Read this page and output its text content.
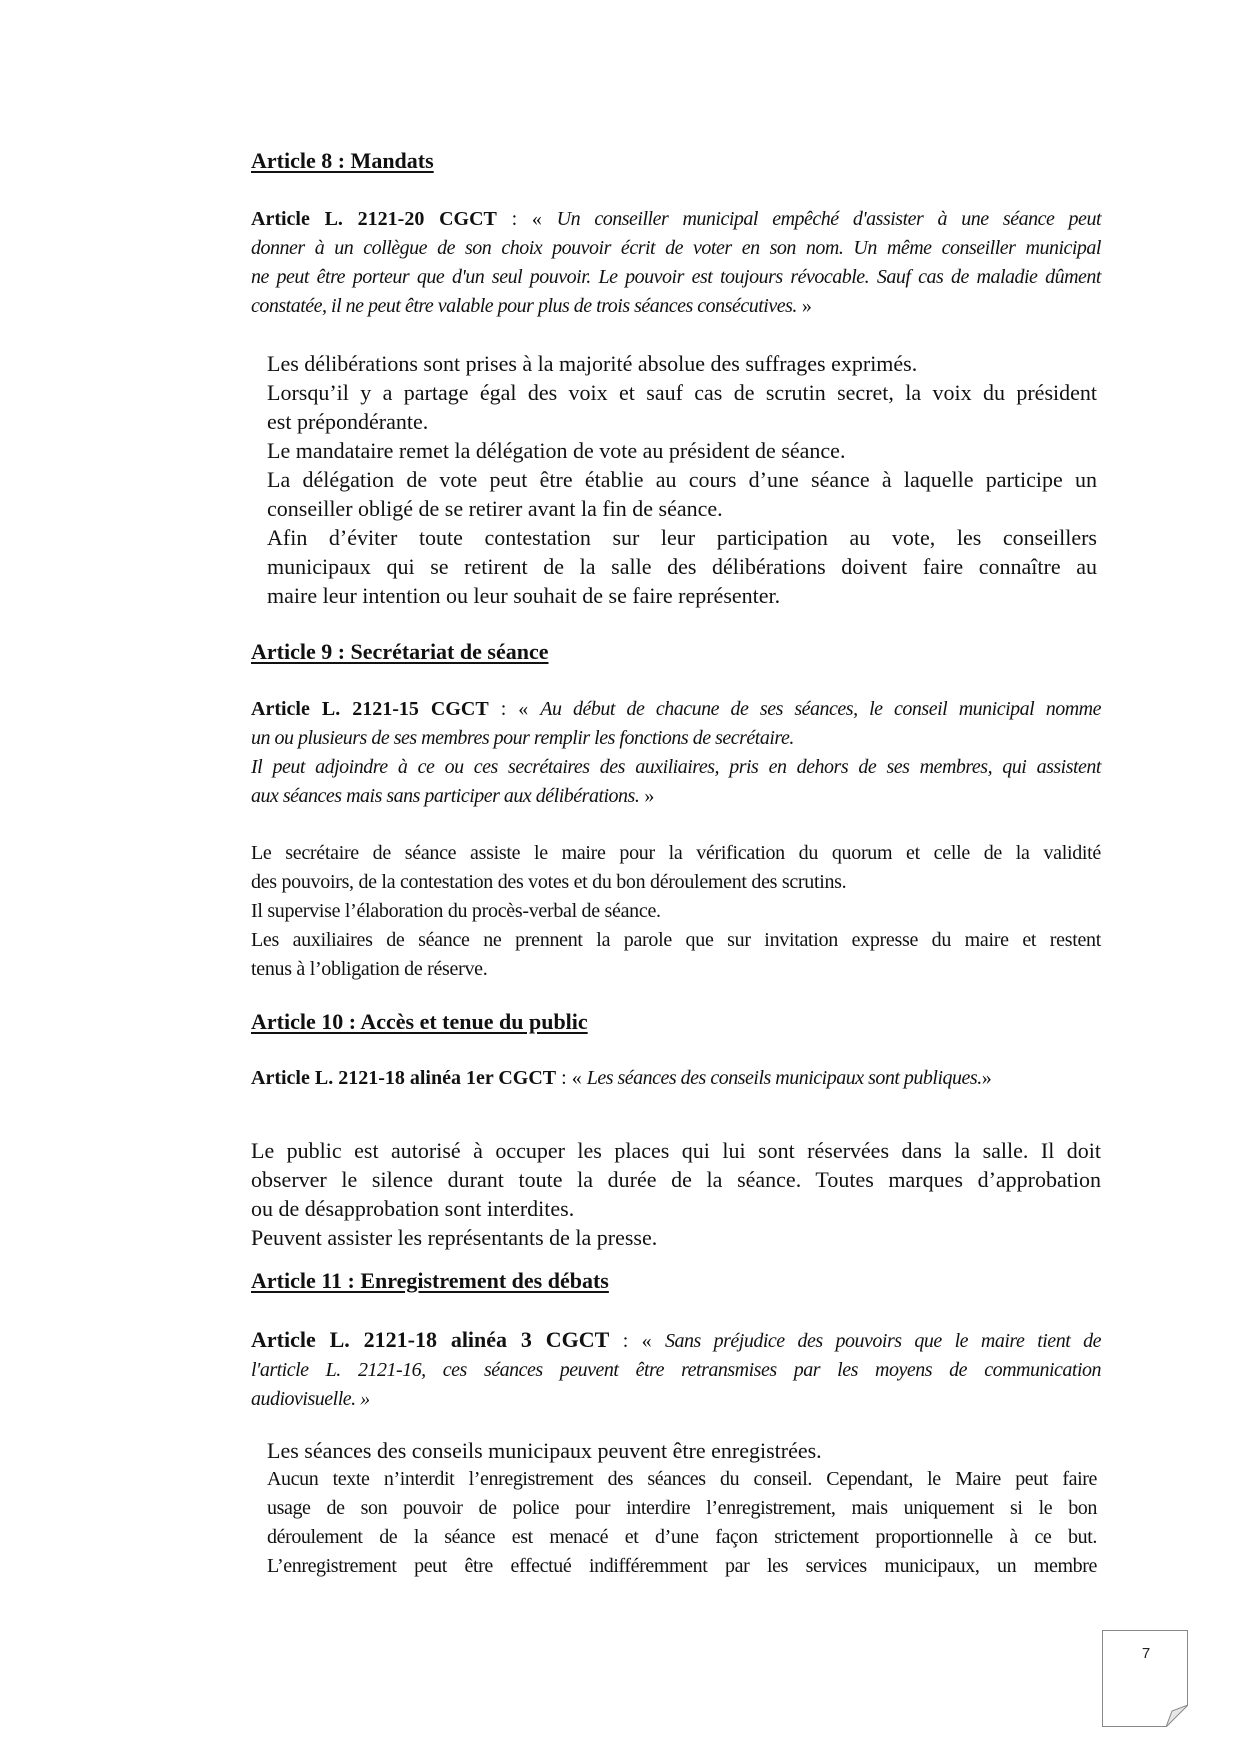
Article 8 : Mandats
Article L. 2121-20 CGCT : « Un conseiller municipal empêché d'assister à une séance peut
donner à un collègue de son choix pouvoir écrit de voter en son nom. Un même conseiller municipal
ne peut être porteur que d'un seul pouvoir. Le pouvoir est toujours révocable. Sauf cas de maladie dûment
constatée, il ne peut être valable pour plus de trois séances consécutives. »
Les délibérations sont prises à la majorité absolue des suffrages exprimés.
Lorsqu’il y a partage égal des voix et sauf cas de scrutin secret, la voix du président
est prépondérante.
Le mandataire remet la délégation de vote au président de séance.
La délégation de vote peut être établie au cours d’une séance à laquelle participe un
conseiller obligé de se retirer avant la fin de séance.
Afin d’éviter toute contestation sur leur participation au vote, les conseillers
municipaux qui se retirent de la salle des délibérations doivent faire connaître au
maire leur intention ou leur souhait de se faire représenter.
Article 9 : Secrétariat de séance
Article L. 2121-15 CGCT : « Au début de chacune de ses séances, le conseil municipal nomme
un ou plusieurs de ses membres pour remplir les fonctions de secrétaire.
Il peut adjoindre à ce ou ces secrétaires des auxiliaires, pris en dehors de ses membres, qui assistent
aux séances mais sans participer aux délibérations. »
Le secrétaire de séance assiste le maire pour la vérification du quorum et celle de la validité
des pouvoirs, de la contestation des votes et du bon déroulement des scrutins.
Il supervise l’élaboration du procès-verbal de séance.
Les auxiliaires de séance ne prennent la parole que sur invitation expresse du maire et restent
tenus à l’obligation de réserve.
Article 10 : Accès et tenue du public
Article L. 2121-18 alinéa 1er CGCT : « Les séances des conseils municipaux sont publiques.»
Le public est autorisé à occuper les places qui lui sont réservées dans la salle. Il doit
observer le silence durant toute la durée de la séance. Toutes marques d’approbation
ou de désapprobation sont interdites.
Peuvent assister les représentants de la presse.
Article 11 : Enregistrement des débats
Article L. 2121-18 alinéa 3 CGCT : « Sans préjudice des pouvoirs que le maire tient de
l'article L. 2121-16, ces séances peuvent être retransmises par les moyens de communication
audiovisuelle. »
Les séances des conseils municipaux peuvent être enregistrées.
Aucun texte n’interdit l’enregistrement des séances du conseil. Cependant, le Maire peut faire
usage de son pouvoir de police pour interdire l’enregistrement, mais uniquement si le bon
déroulement de la séance est menacé et d’une façon strictement proportionnelle à ce but.
L’enregistrement peut être effectué indifféremment par les services municipaux, un membre
7
